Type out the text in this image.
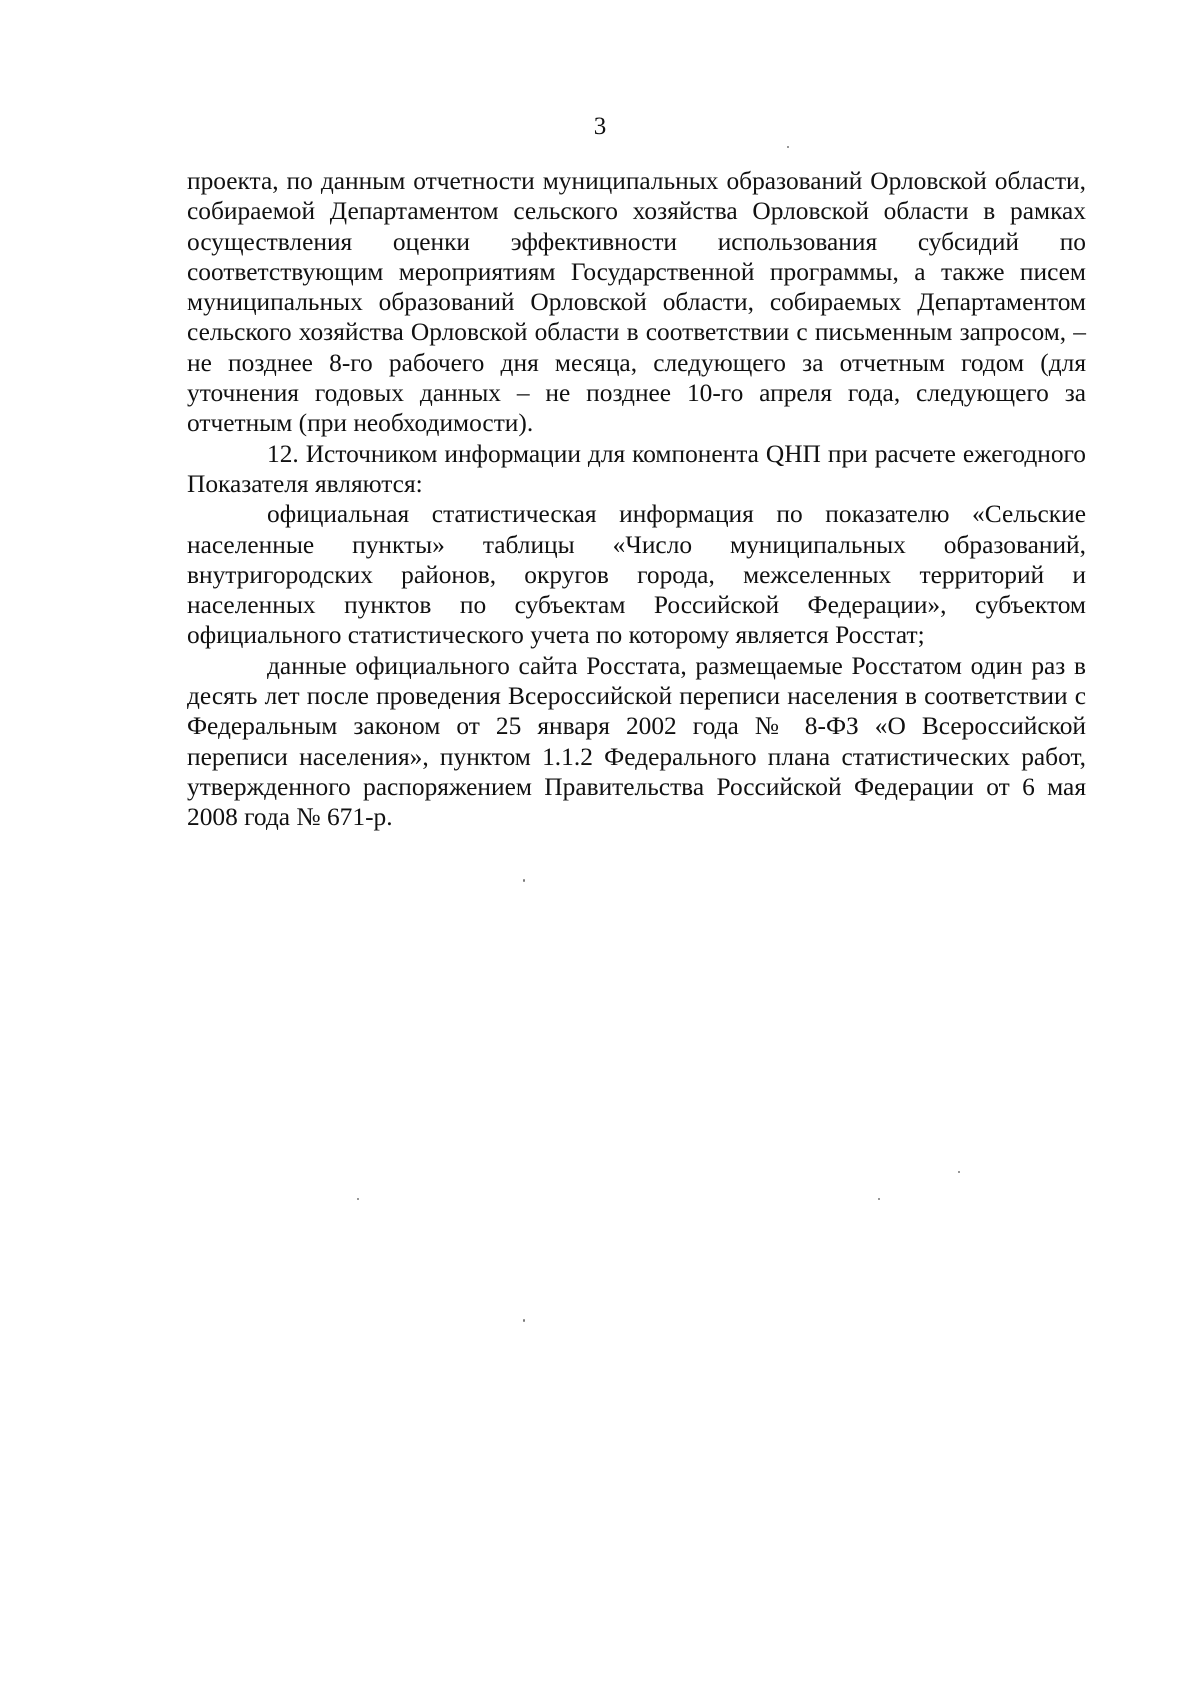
3

проекта, по данным отчетности муниципальных образований Орловской области, собираемой Департаментом сельского хозяйства Орловской области в рамках осуществления оценки эффективности использования субсидий по соответствующим мероприятиям Государственной программы, а также писем муниципальных образований Орловской области, собираемых Департаментом сельского хозяйства Орловской области в соответствии с письменным запросом, – не позднее 8-го рабочего дня месяца, следующего за отчетным годом (для уточнения годовых данных – не позднее 10-го апреля года, следующего за отчетным (при необходимости).

12. Источником информации для компонента QНП при расчете ежегодного Показателя являются:

официальная статистическая информация по показателю «Сельские населенные пункты» таблицы «Число муниципальных образований, внутригородских районов, округов города, межселенных территорий и населенных пунктов по субъектам Российской Федерации», субъектом официального статистического учета по которому является Росстат;

данные официального сайта Росстата, размещаемые Росстатом один раз в десять лет после проведения Всероссийской переписи населения в соответствии с Федеральным законом от 25 января 2002 года № 8-ФЗ «О Всероссийской переписи населения», пунктом 1.1.2 Федерального плана статистических работ, утвержденного распоряжением Правительства Российской Федерации от 6 мая 2008 года № 671-р.
